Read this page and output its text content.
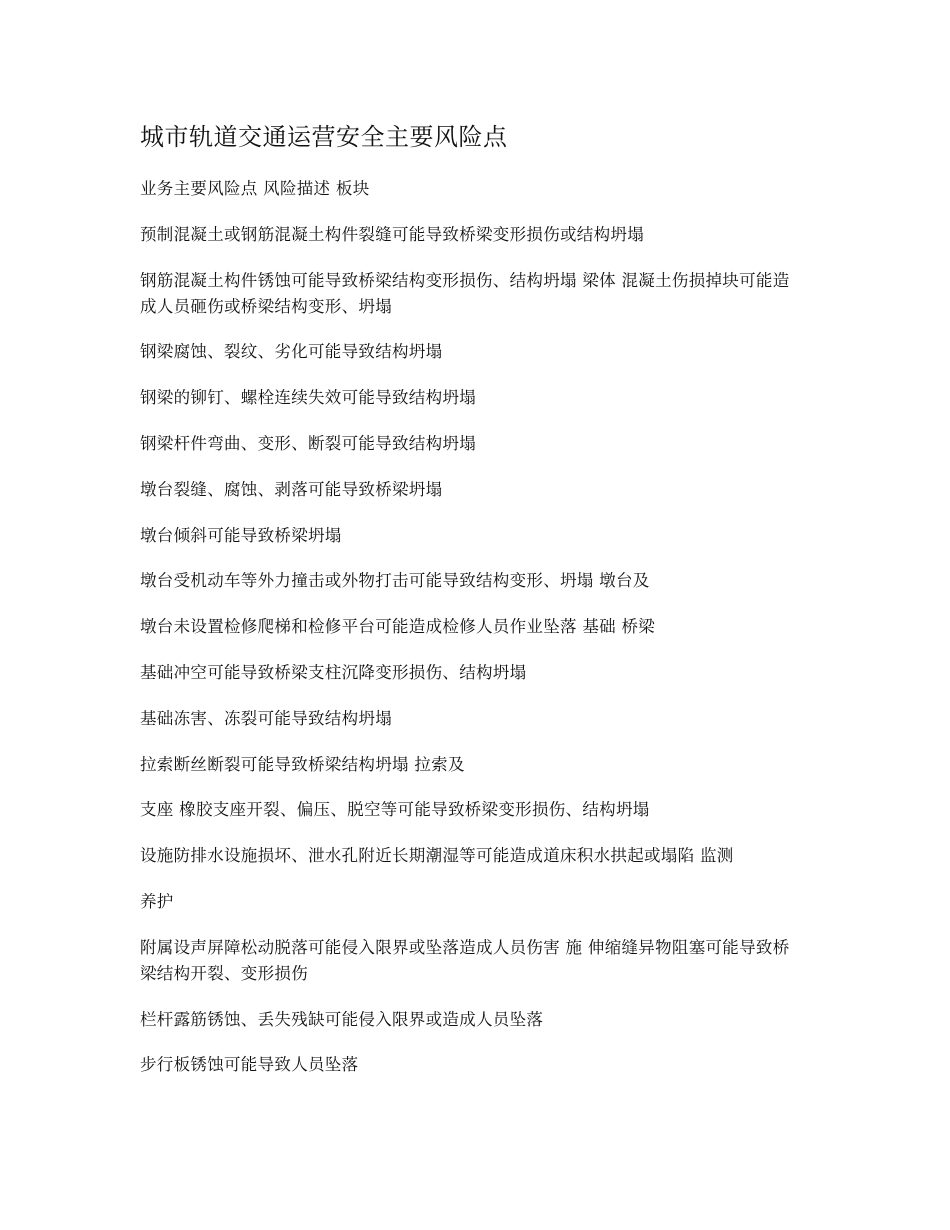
城市轨道交通运营安全主要风险点
业务主要风险点 风险描述 板块
预制混凝土或钢筋混凝土构件裂缝可能导致桥梁变形损伤或结构坍塌
钢筋混凝土构件锈蚀可能导致桥梁结构变形损伤、结构坍塌 梁体 混凝土伤损掉块可能造成人员砸伤或桥梁结构变形、坍塌
钢梁腐蚀、裂纹、劣化可能导致结构坍塌
钢梁的铆钉、螺栓连续失效可能导致结构坍塌
钢梁杆件弯曲、变形、断裂可能导致结构坍塌
墩台裂缝、腐蚀、剥落可能导致桥梁坍塌
墩台倾斜可能导致桥梁坍塌
墩台受机动车等外力撞击或外物打击可能导致结构变形、坍塌 墩台及
墩台未设置检修爬梯和检修平台可能造成检修人员作业坠落 基础 桥梁
基础冲空可能导致桥梁支柱沉降变形损伤、结构坍塌
基础冻害、冻裂可能导致结构坍塌
拉索断丝断裂可能导致桥梁结构坍塌 拉索及
支座 橡胶支座开裂、偏压、脱空等可能导致桥梁变形损伤、结构坍塌
设施防排水设施损坏、泄水孔附近长期潮湿等可能造成道床积水拱起或塌陷 监测
养护
附属设声屏障松动脱落可能侵入限界或坠落造成人员伤害 施 伸缩缝异物阻塞可能导致桥梁结构开裂、变形损伤
栏杆露筋锈蚀、丢失残缺可能侵入限界或造成人员坠落
步行板锈蚀可能导致人员坠落
